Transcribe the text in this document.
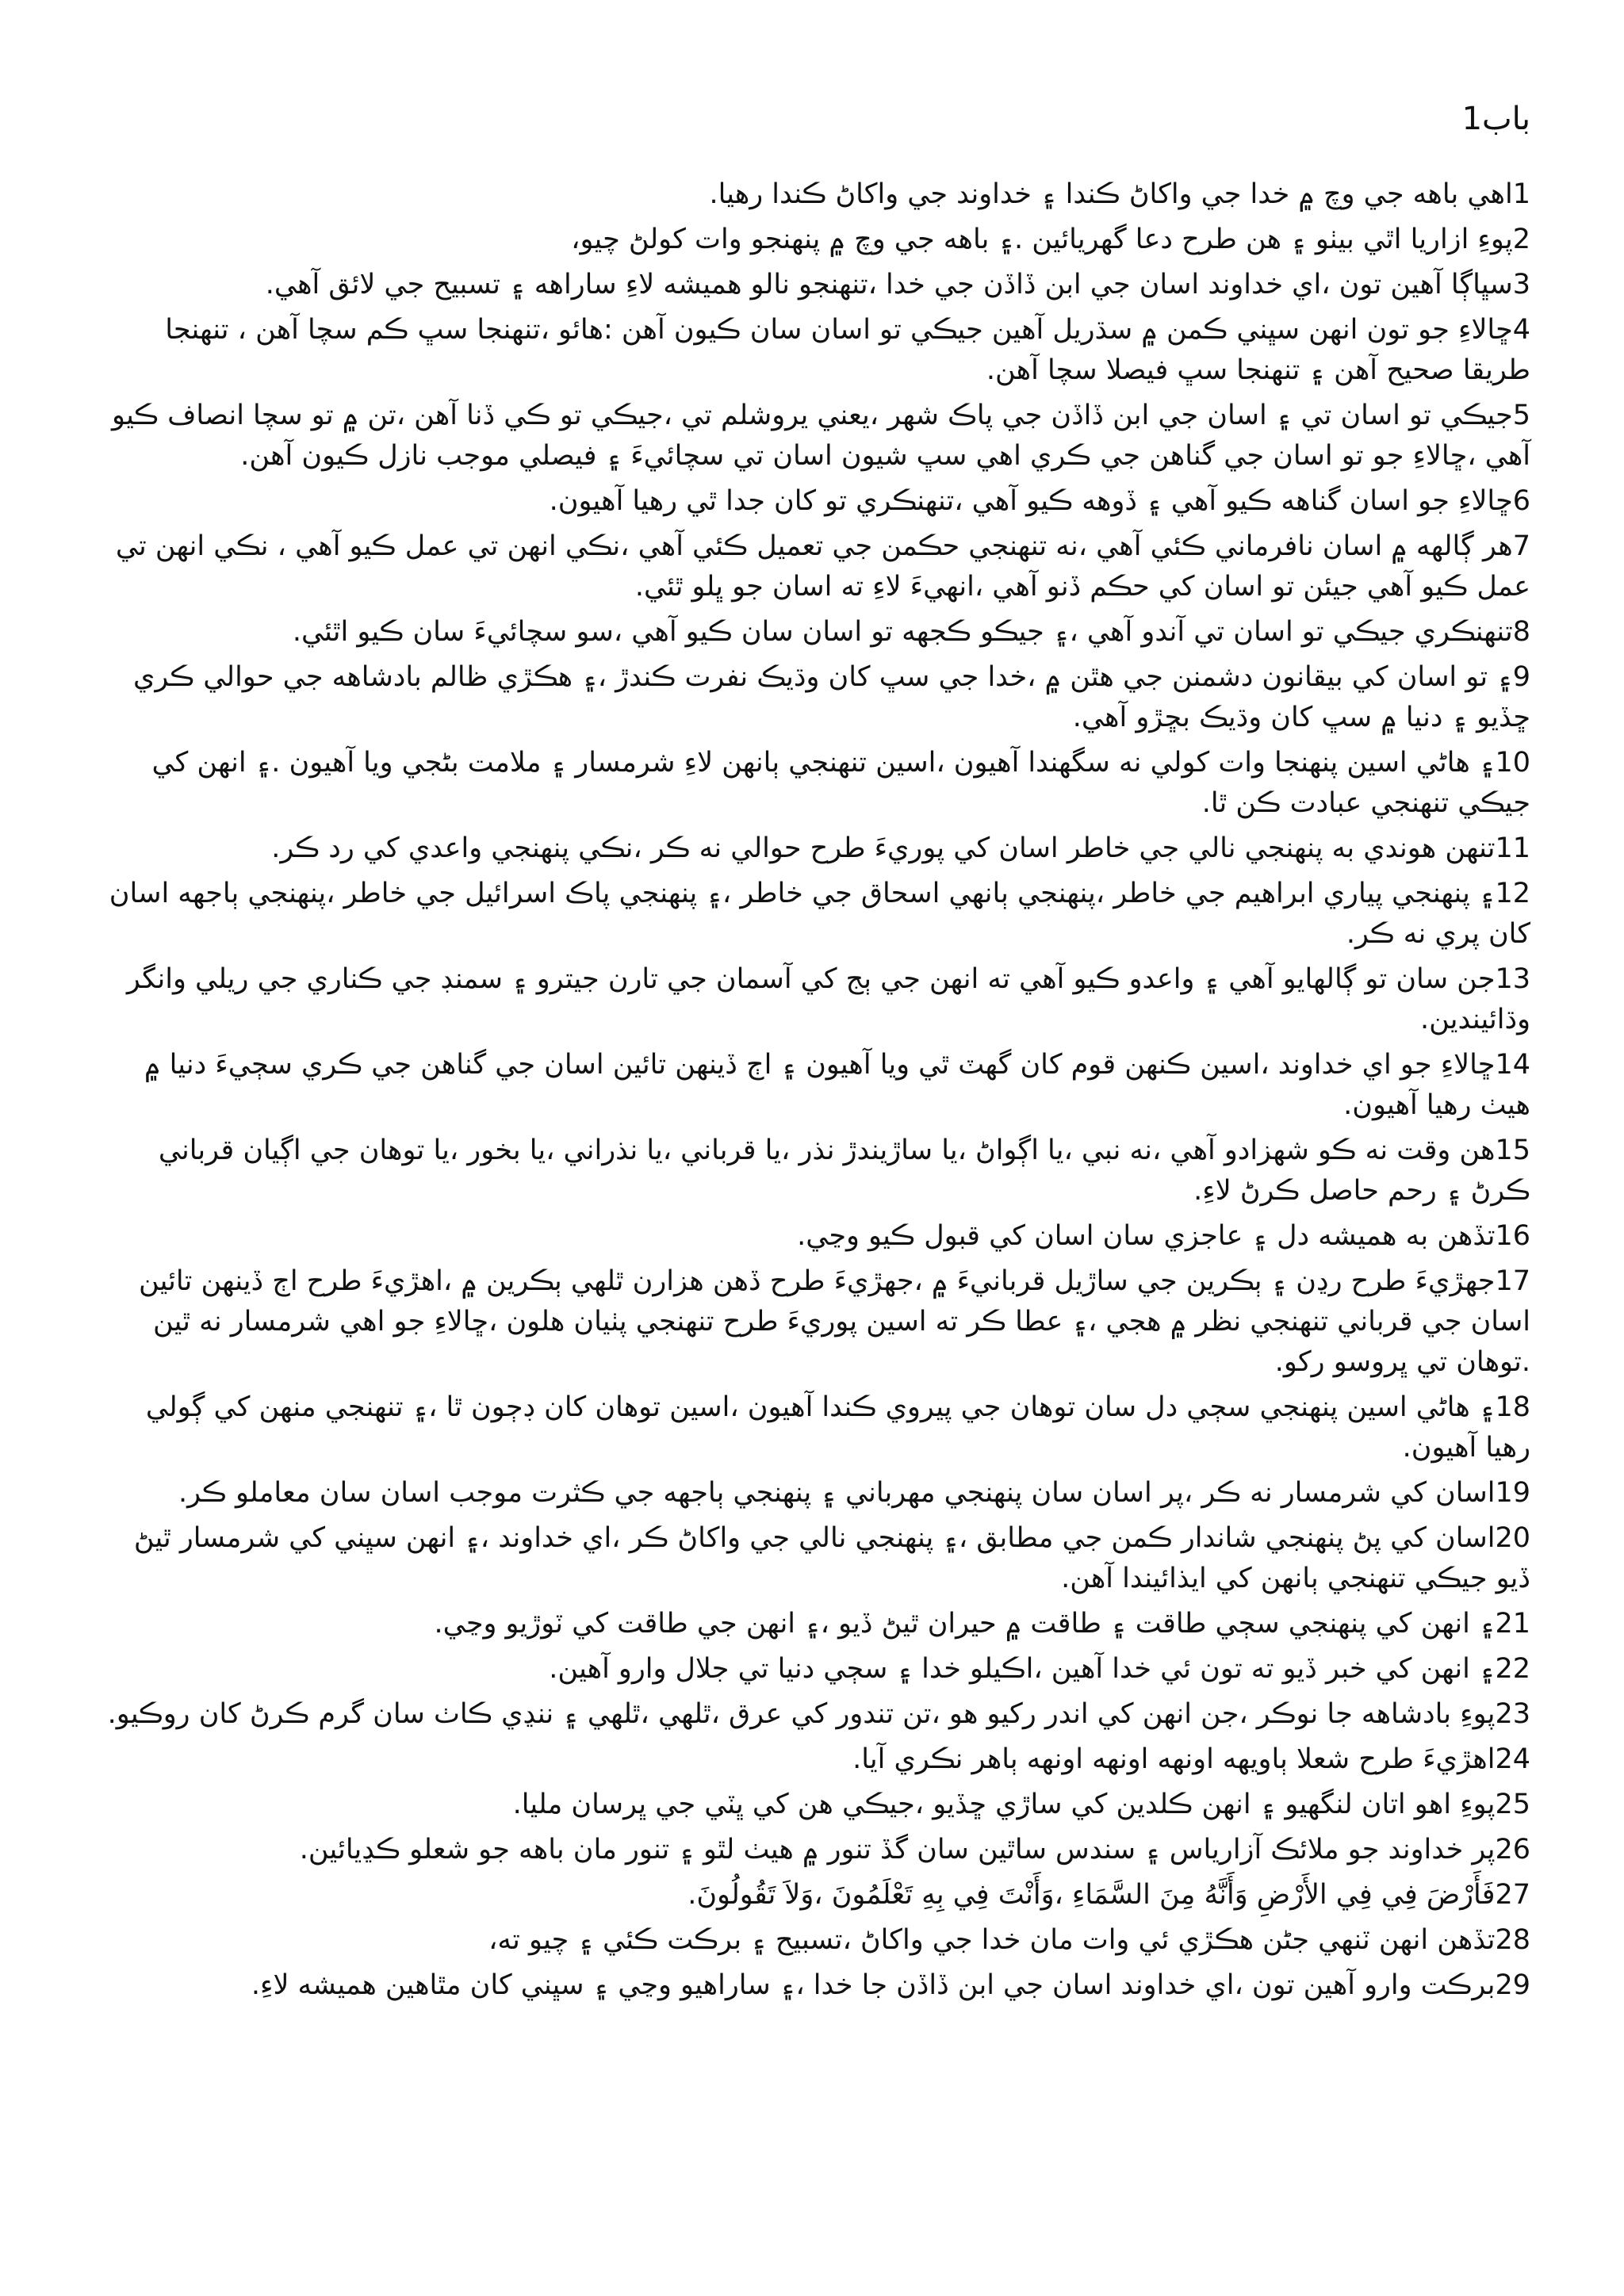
باب1

1اهي باهه جي وچ ۾ خدا جي واکاڻ ڪندا ۽ خداوند جي واکاڻ ڪندا رهيا.

2پوءِ ازاريا اٿي بيٺو ۽ هن طرح دعا گهريائين .۽ باهه جي وچ ۾ پنهنجو وات کولڻ چيو،

3سڀاڳا آهين تون ،اي خداوند اسان جي ابن ڏاڏن جي خدا ،تنهنجو نالو هميشه لاءِ ساراهه ۽ تسبيح جي لائق آهي.

4ڇالاءِ جو تون انهن سڀني ڪمن ۾ سڌريل آهين جيڪي تو اسان سان ڪيون آهن :هائو ،تنهنجا سڀ ڪم سچا آهن ، تنهنجا طريقا صحيح آهن ۽ تنهنجا سڀ فيصلا سچا آهن.

5جيڪي تو اسان تي ۽ اسان جي ابن ڏاڏن جي پاڪ شهر ،يعني يروشلم تي ،جيڪي تو ڪي ڏنا آهن ،تن ۾ تو سچا انصاف ڪيو آهي ،ڇالاءِ جو تو اسان جي گناهن جي ڪري اهي سڀ شيون اسان تي سچائيءَ ۽ فيصلي موجب نازل ڪيون آهن.

6ڇالاءِ جو اسان گناهه ڪيو آهي ۽ ڏوهه ڪيو آهي ،تنهنڪري تو کان جدا ٿي رهيا آهيون.

7هر ڳالهه ۾ اسان نافرماني ڪئي آهي ،نه تنهنجي حڪمن جي تعميل ڪئي آهي ،نڪي انهن تي عمل ڪيو آهي ، نڪي انهن تي عمل ڪيو آهي جيئن تو اسان کي حڪم ڏنو آهي ،انهيءَ لاءِ ته اسان جو ڀلو ٿئي.

8تنهنڪري جيڪي تو اسان تي آندو آهي ،۽ جيڪو ڪجهه تو اسان سان ڪيو آهي ،سو سچائيءَ سان ڪيو اٿئي.

9۽ تو اسان کي بيقانون دشمنن جي هٿن ۾ ،خدا جي سڀ کان وڌيڪ نفرت ڪندڙ ،۽ هڪڙي ظالم بادشاهه جي حوالي ڪري ڇڏيو ۽ دنيا ۾ سڀ کان وڌيڪ بڇڙو آهي.

10۽ هاڻي اسين پنهنجا وات کولي نه سگهندا آهيون ،اسين تنهنجي ٻانهن لاءِ شرمسار ۽ ملامت بڻجي ويا آهيون .۽ انهن کي جيڪي تنهنجي عبادت ڪن ٿا.

11تنهن هوندي به پنهنجي نالي جي خاطر اسان کي پوريءَ طرح حوالي نه ڪر ،نڪي پنهنجي واعدي کي رد ڪر.

12۽ پنهنجي پياري ابراهيم جي خاطر ،پنهنجي ٻانهي اسحاق جي خاطر ،۽ پنهنجي پاڪ اسرائيل جي خاطر ،پنهنجي ٻاجهه اسان کان پري نه ڪر.

13جن سان تو ڳالهايو آهي ۽ واعدو ڪيو آهي ته انهن جي ٻج کي آسمان جي تارن جيترو ۽ سمنڊ جي ڪناري جي ريلي وانگر وڌائيندين.

14ڇالاءِ جو اي خداوند ،اسين ڪنهن قوم کان گهٽ ٿي ويا آهيون ۽ اڄ ڏينهن تائين اسان جي گناهن جي ڪري سڄيءَ دنيا ۾ هيٺ رهيا آهيون.

15هن وقت نه ڪو شهزادو آهي ،نه نبي ،يا اڳواڻ ،يا ساڙيندڙ نذر ،يا قرباني ،يا نذراني ،يا بخور ،يا توهان جي اڳيان قرباني ڪرڻ ۽ رحم حاصل ڪرڻ لاءِ.

16تڏهن به هميشه دل ۽ عاجزي سان اسان کي قبول ڪيو وڃي.

17جهڙيءَ طرح رڍن ۽ ٻڪرين جي ساڙيل قربانيءَ ۾ ،جهڙيءَ طرح ڏهن هزارن ٿلهي ٻڪرين ۾ ،اهڙيءَ طرح اڄ ڏينهن تائين اسان جي قرباني تنهنجي نظر ۾ هجي ،۽ عطا ڪر ته اسين پوريءَ طرح تنهنجي پٺيان هلون ،ڇالاءِ جو اهي شرمسار نه ٿين .توهان تي ڀروسو رکو.

18۽ هاڻي اسين پنهنجي سڄي دل سان توهان جي پيروي ڪندا آهيون ،اسين توهان کان ڊڄون ٿا ،۽ تنهنجي منهن کي ڳولي رهيا آهيون.

19اسان کي شرمسار نه ڪر ،پر اسان سان پنهنجي مهرباني ۽ پنهنجي ٻاجهه جي ڪثرت موجب اسان سان معاملو ڪر.

20اسان کي پڻ پنهنجي شاندار ڪمن جي مطابق ،۽ پنهنجي نالي جي واکاڻ ڪر ،اي خداوند ،۽ انهن سڀني کي شرمسار ٿيڻ ڏيو جيڪي تنهنجي ٻانهن کي ايذائيندا آهن.

21۽ انهن کي پنهنجي سڄي طاقت ۽ طاقت ۾ حيران ٿيڻ ڏيو ،۽ انهن جي طاقت کي ٽوڙيو وڃي.

22۽ انهن کي خبر ڏيو ته تون ئي خدا آهين ،اڪيلو خدا ۽ سڄي دنيا تي جلال وارو آهين.

23پوءِ بادشاهه جا نوڪر ،جن انهن کي اندر رکيو هو ،تن تندور کي عرق ،ٿلهي ،ٿلهي ۽ ننڍي ڪاٺ سان گرم ڪرڻ کان روڪيو.

24اهڙيءَ طرح شعلا ٻاويهه اونهه اونهه اونهه ٻاهر نڪري آيا.

25پوءِ اهو اتان لنگهيو ۽ انهن ڪلدين کي ساڙي ڇڏيو ،جيڪي هن کي ڀٽي جي ڀرسان مليا.

26پر خداوند جو ملائڪ آزارياس ۽ سندس ساٿين سان گڏ تنور ۾ هيٺ لٿو ۽ تنور مان باهه جو شعلو ڪڍيائين.

27فَأَرْضَ فِي فِي الأَرْضِ وَأَنَّهُ مِنَ السَّمَاءِ ،وَأَنْتَ فِي بِهِ تَعْلَمُونَ ،وَلاَ تَقُولُونَ.

28تڏهن انهن ٽنهي جڻن هڪڙي ئي وات مان خدا جي واکاڻ ،تسبيح ۽ برڪت ڪئي ۽ چيو ته،

29برڪت وارو آهين تون ،اي خداوند اسان جي ابن ڏاڏن جا خدا ،۽ ساراهيو وڃي ۽ سڀني کان مٿاهين هميشه لاءِ.
